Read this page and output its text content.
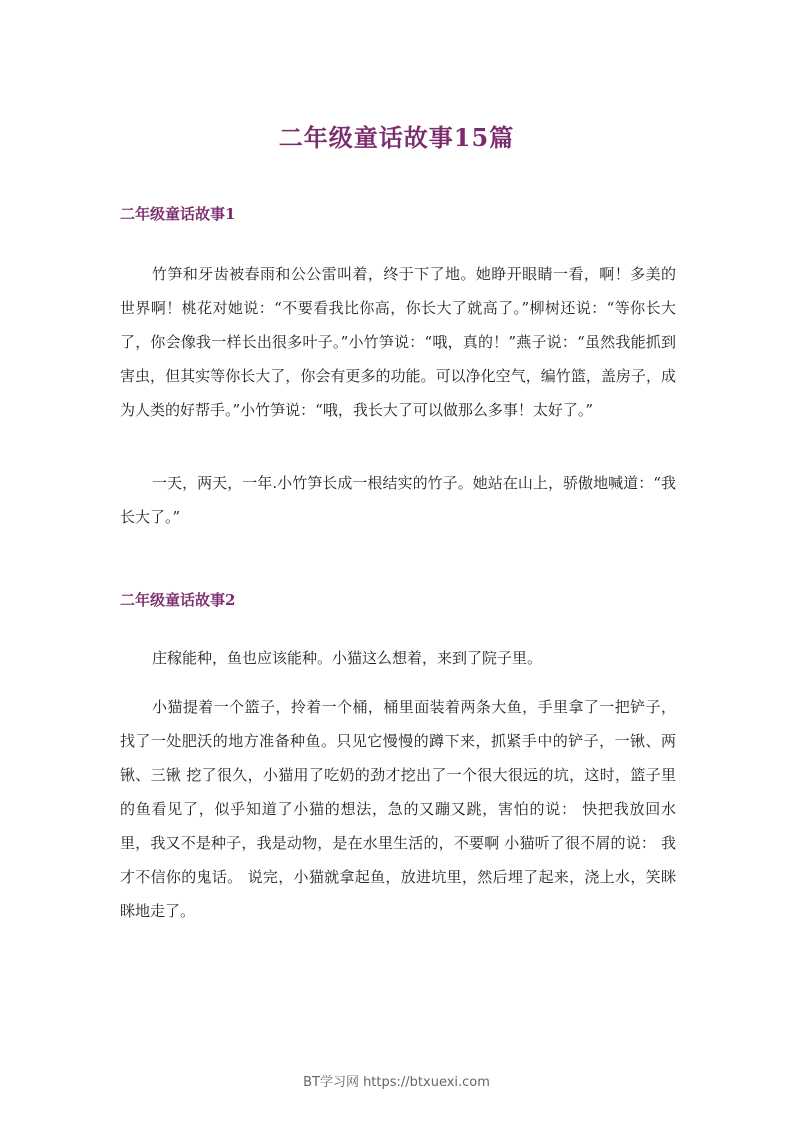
二年级童话故事15篇
二年级童话故事1

竹笋和牙齿被春雨和公公雷叫着，终于下了地。她睁开眼睛一看，啊！多美的世界啊！桃花对她说：“不要看我比你高，你长大了就高了。”柳树还说：“等你长大了，你会像我一样长出很多叶子。”小竹笋说：“哦，真的！”燕子说：“虽然我能抓到害虫，但其实等你长大了，你会有更多的功能。可以净化空气，编竹篮，盖房子，成为人类的好帮手。”小竹笋说：“哦，我长大了可以做那么多事！太好了。”

一天，两天，一年.小竹笋长成一根结实的竹子。她站在山上，骄傲地喊道：“我长大了。”

二年级童话故事2

庄稼能种，鱼也应该能种。小猫这么想着，来到了院子里。

小猫提着一个篮子，拎着一个桶，桶里面装着两条大鱼，手里拿了一把铲子，找了一处肥沃的地方准备种鱼。只见它慢慢的蹲下来，抓紧手中的铲子，一锹、两锹、三锹 挖了很久，小猫用了吃奶的劲才挖出了一个很大很远的坑，这时，篮子里的鱼看见了，似乎知道了小猫的想法，急的又蹦又跳，害怕的说： 快把我放回水里，我又不是种子，我是动物，是在水里生活的，不要啊 小猫听了很不屑的说： 我才不信你的鬼话。 说完，小猫就拿起鱼，放进坑里，然后埋了起来，浇上水，笑眯眯地走了。

BT学习网 https://btxuexi.com
